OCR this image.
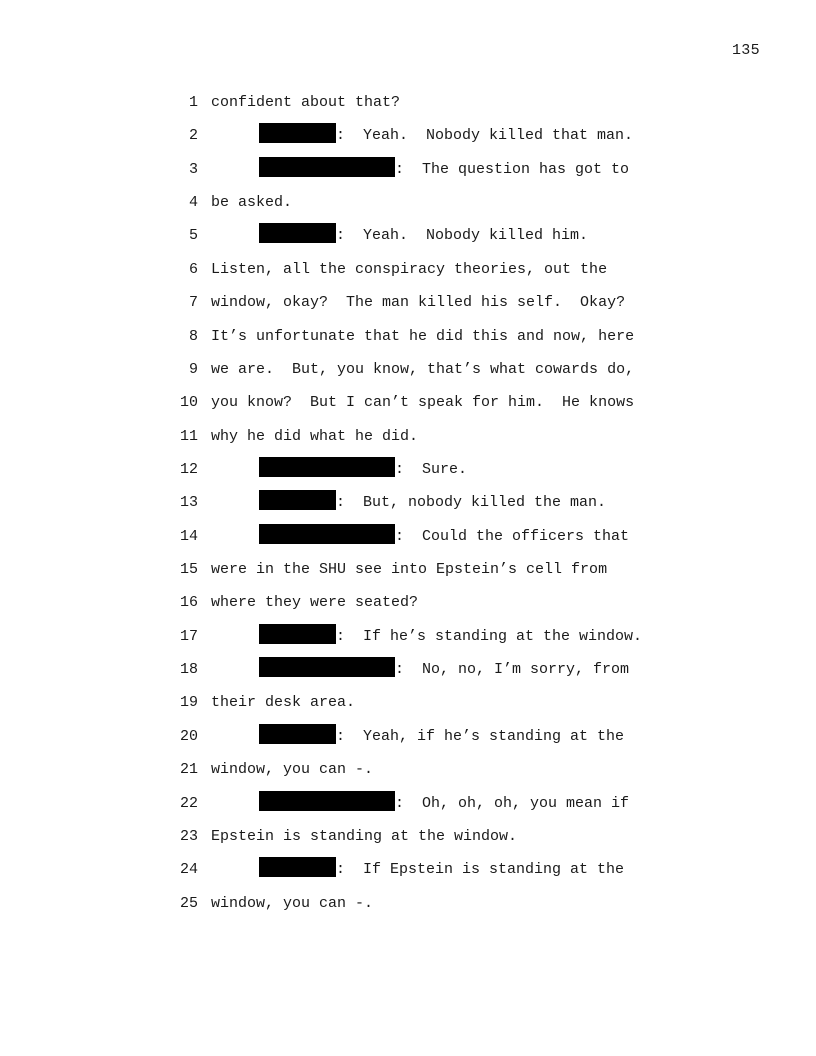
135
1 confident about that?
2	:  Yeah.  Nobody killed that man.
3	:  The question has got to
4 be asked.
5	:  Yeah.  Nobody killed him.
6 Listen, all the conspiracy theories, out the
7 window, okay?  The man killed his self.  Okay?
8 It’s unfortunate that he did this and now, here
9 we are.  But, you know, that’s what cowards do,
10 you know?  But I can’t speak for him.  He knows
11 why he did what he did.
12	:  Sure.
13	:  But, nobody killed the man.
14	:  Could the officers that
15 were in the SHU see into Epstein’s cell from
16 where they were seated?
17	:  If he’s standing at the window.
18	:  No, no, I’m sorry, from
19 their desk area.
20	:  Yeah, if he’s standing at the
21 window, you can -.
22	:  Oh, oh, oh, you mean if
23 Epstein is standing at the window.
24	:  If Epstein is standing at the
25 window, you can -.
